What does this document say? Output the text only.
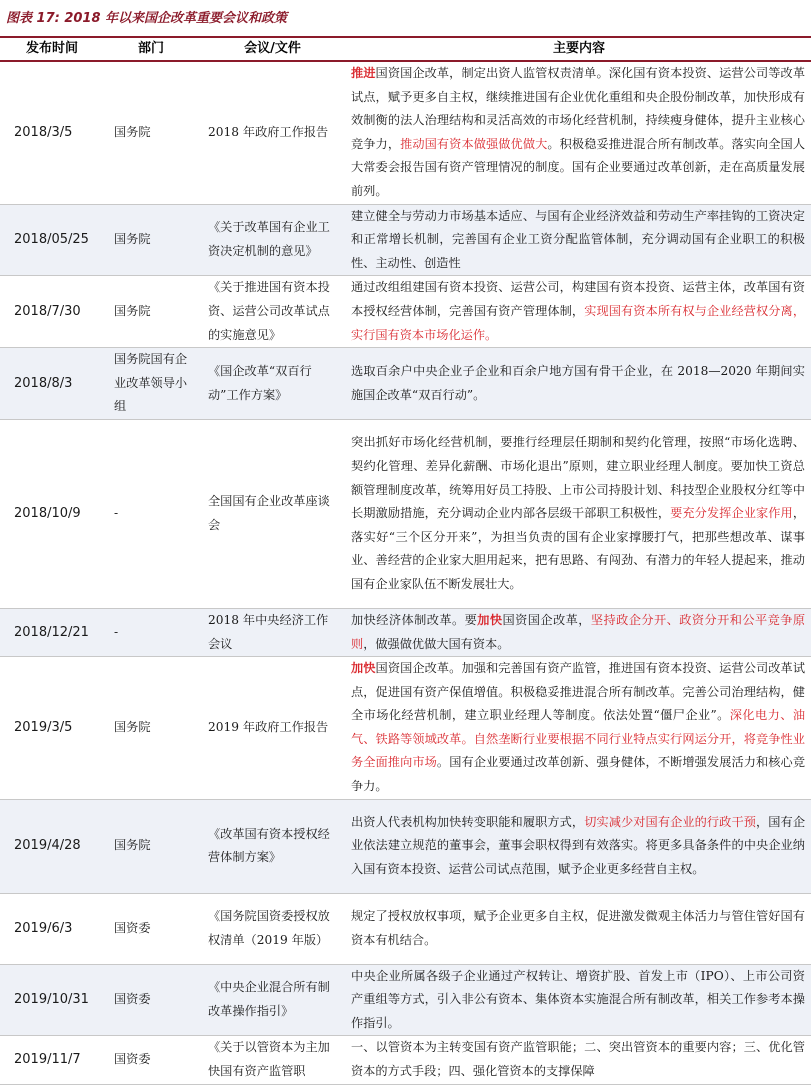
图表 17: 2018 年以来国企改革重要会议和政策
发布时间	部门	会议/文件	主要内容
2018/3/5	国务院	2018 年政府工作报告	推进国资国企改革，制定出资人监管权责清单。深化国有资本投资、运营公司等改革试点，赋予更多自主权，继续推进国有企业优化重组和央企股份制改革，加快形成有效制衡的法人治理结构和灵活高效的市场化经营机制，持续瘦身健体，提升主业核心竞争力，推动国有资本做强做优做大。积极稳妥推进混合所有制改革。落实向全国人大常委会报告国有资产管理情况的制度。国有企业要通过改革创新，走在高质量发展前列。
2018/05/25	国务院	《关于改革国有企业工资决定机制的意见》	建立健全与劳动力市场基本适应、与国有企业经济效益和劳动生产率挂钩的工资决定和正常增长机制，完善国有企业工资分配监管体制，充分调动国有企业职工的积极性、主动性、创造性
2018/7/30	国务院	《关于推进国有资本投资、运营公司改革试点的实施意见》	通过改组组建国有资本投资、运营公司，构建国有资本投资、运营主体，改革国有资本授权经营体制，完善国有资产管理体制，实现国有资本所有权与企业经营权分离，实行国有资本市场化运作。
2018/8/3	国务院国有企业改革领导小组	《国企改革“双百行动”工作方案》	选取百余户中央企业子企业和百余户地方国有骨干企业，在 2018—2020 年期间实施国企改革“双百行动”。
2018/10/9	-	全国国有企业改革座谈会	突出抓好市场化经营机制，要推行经理层任期制和契约化管理，按照“市场化选聘、契约化管理、差异化薪酬、市场化退出”原则，建立职业经理人制度。要加快工资总额管理制度改革，统筹用好员工持股、上市公司持股计划、科技型企业股权分红等中长期激励措施，充分调动企业内部各层级干部职工积极性，要充分发挥企业家作用，落实好“三个区分开来”，为担当负责的国有企业家撑腰打气，把那些想改革、谋事业、善经营的企业家大胆用起来，把有思路、有闯劲、有潜力的年轻人提起来，推动国有企业家队伍不断发展壮大。
2018/12/21	-	2018 年中央经济工作会议	加快经济体制改革。要加快国资国企改革，坚持政企分开、政资分开和公平竞争原则，做强做优做大国有资本。
2019/3/5	国务院	2019 年政府工作报告	加快国资国企改革。加强和完善国有资产监管，推进国有资本投资、运营公司改革试点，促进国有资产保值增值。积极稳妥推进混合所有制改革。完善公司治理结构，健全市场化经营机制，建立职业经理人等制度。依法处置“僵尸企业”。深化电力、油气、铁路等领域改革。自然垄断行业要根据不同行业特点实行网运分开，将竞争性业务全面推向市场。国有企业要通过改革创新、强身健体，不断增强发展活力和核心竞争力。
2019/4/28	国务院	《改革国有资本授权经营体制方案》	出资人代表机构加快转变职能和履职方式，切实减少对国有企业的行政干预，国有企业依法建立规范的董事会，董事会职权得到有效落实。将更多具备条件的中央企业纳入国有资本投资、运营公司试点范围，赋予企业更多经营自主权。
2019/6/3	国资委	《国务院国资委授权放权清单（2019 年版）	规定了授权放权事项，赋予企业更多自主权，促进激发微观主体活力与管住管好国有资本有机结合。
2019/10/31	国资委	《中央企业混合所有制改革操作指引》	中央企业所属各级子企业通过产权转让、增资扩股、首发上市（IPO）、上市公司资产重组等方式，引入非公有资本、集体资本实施混合所有制改革，相关工作参考本操作指引。
2019/11/7	国资委	《关于以管资本为主加快国有资产监管职	一、以管资本为主转变国有资产监管职能；二、突出管资本的重要内容；三、优化管资本的方式手段；四、强化管资本的支撑保障
